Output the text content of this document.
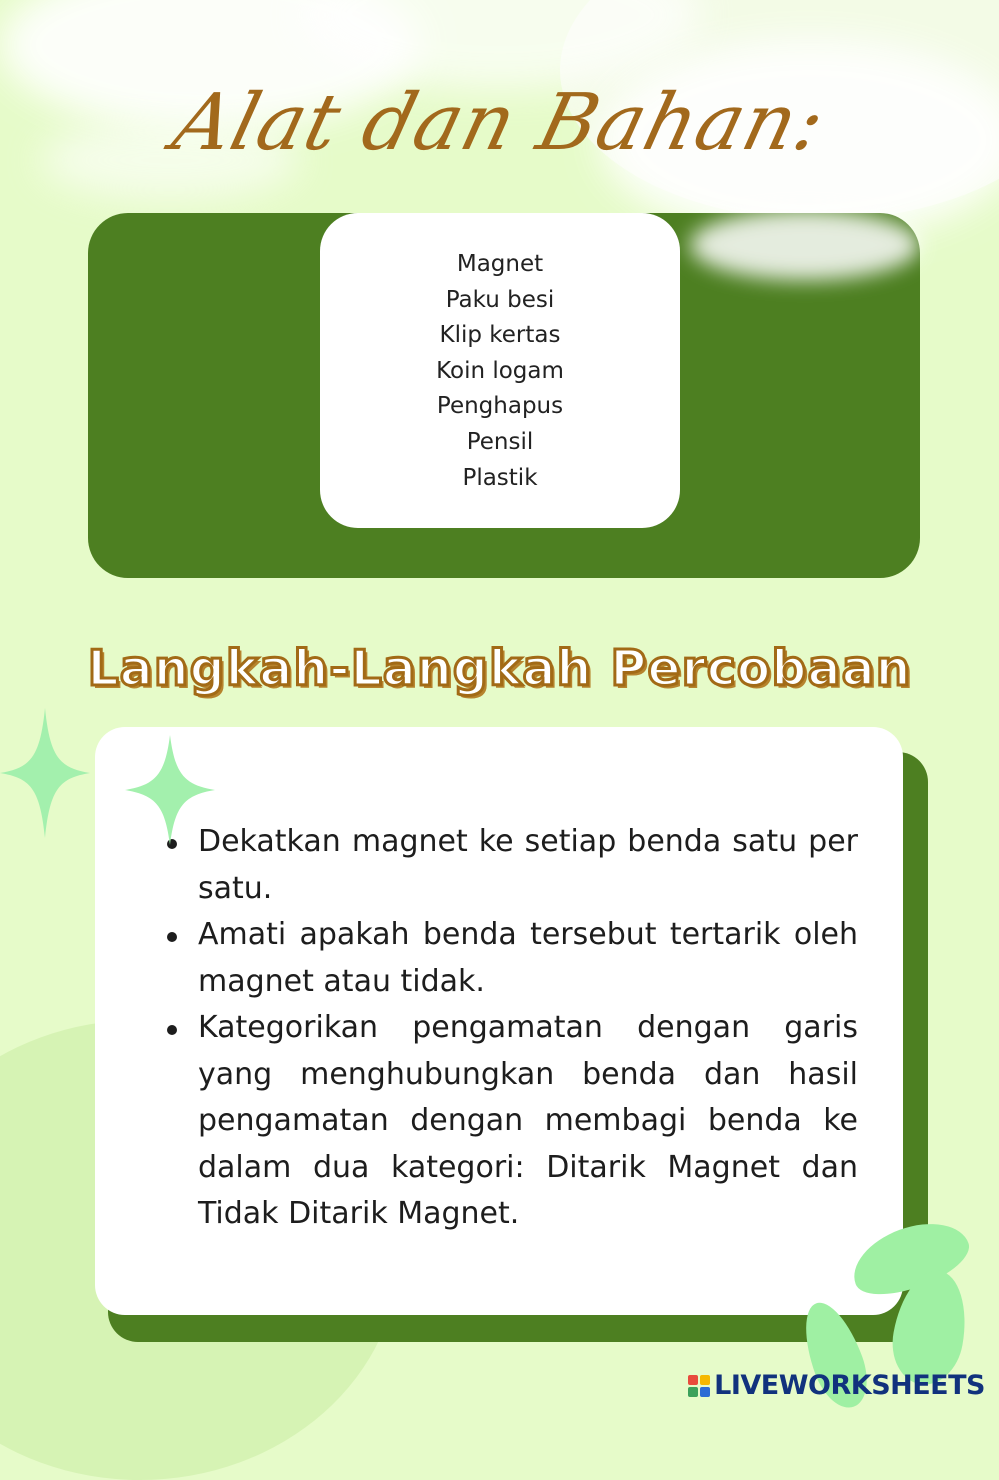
Alat dan Bahan:
Magnet
Paku besi
Klip kertas
Koin logam
Penghapus
Pensil
Plastik
Langkah-Langkah Percobaan
Dekatkan magnet ke setiap benda satu per satu.
Amati apakah benda tersebut tertarik oleh magnet atau tidak.
Kategorikan pengamatan dengan garis yang menghubungkan benda dan hasil pengamatan dengan membagi benda ke dalam dua kategori: Ditarik Magnet dan Tidak Ditarik Magnet.
LIVEWORKSHEETS
